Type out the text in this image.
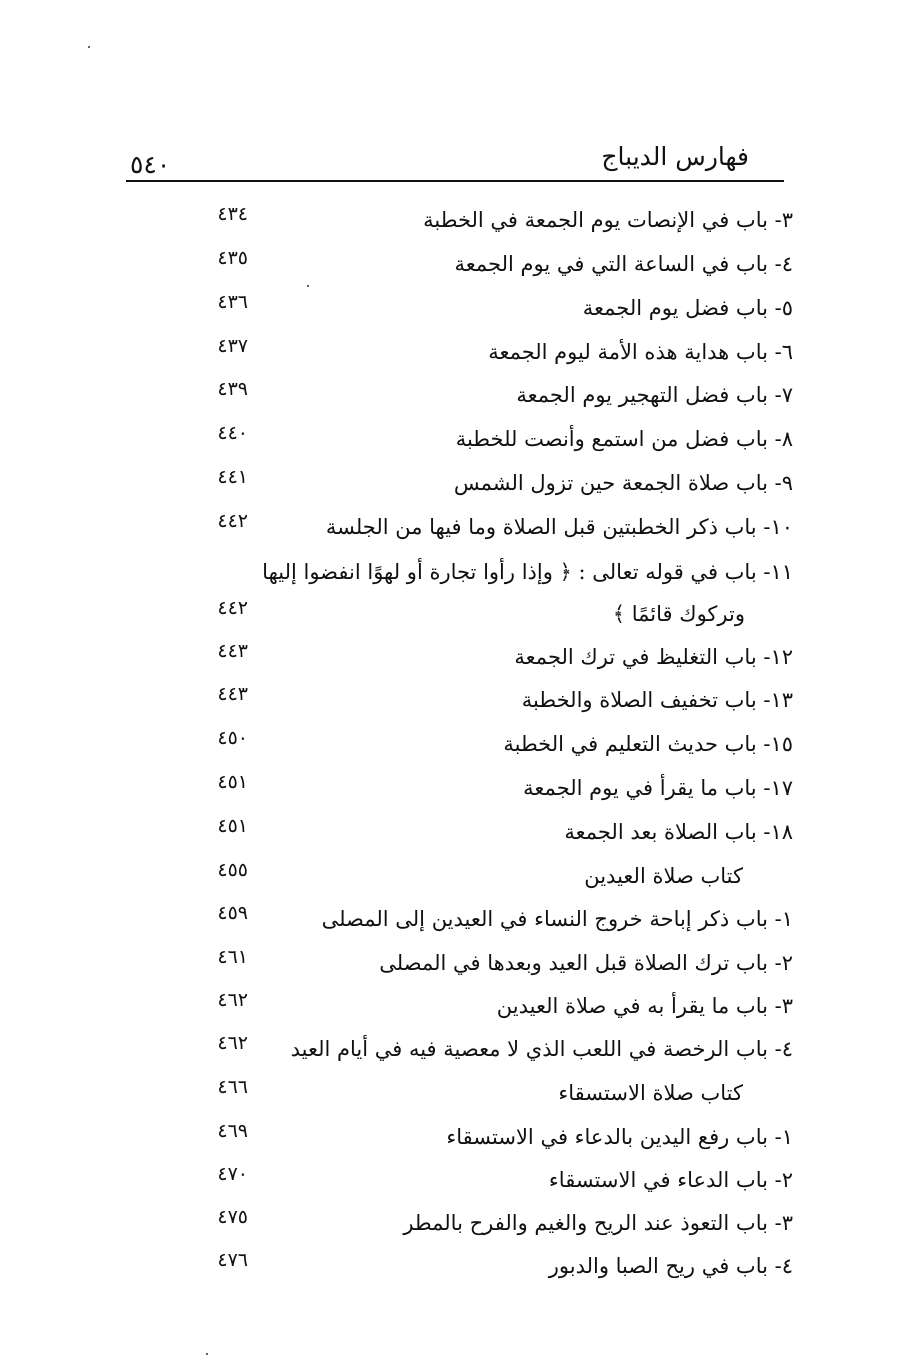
٥٤٠	فهارس الديباج
٣- باب في الإنصات يوم الجمعة في الخطبة
٤٣٤
٤- باب في الساعة التي في يوم الجمعة
٤٣٥
٥- باب فضل يوم الجمعة
٤٣٦
٦- باب هداية هذه الأمة ليوم الجمعة
٤٣٧
٧- باب فضل التهجير يوم الجمعة
٤٣٩
٨- باب فضل من استمع وأنصت للخطبة
٤٤٠
٩- باب صلاة الجمعة حين تزول الشمس
٤٤١
١٠- باب ذكر الخطبتين قبل الصلاة وما فيها من الجلسة
٤٤٢
١١- باب في قوله تعالى : ﴿ وإذا رأوا تجارة أو لهوًا انفضوا إليها
وتركوك قائمًا ﴾
٤٤٢
١٢- باب التغليظ في ترك الجمعة
٤٤٣
١٣- باب تخفيف الصلاة والخطبة
٤٤٣
١٥- باب حديث التعليم في الخطبة
٤٥٠
١٧- باب ما يقرأ في يوم الجمعة
٤٥١
١٨- باب الصلاة بعد الجمعة
٤٥١
كتاب صلاة العيدين
٤٥٥
١- باب ذكر إباحة خروج النساء في العيدين إلى المصلى
٤٥٩
٢- باب ترك الصلاة قبل العيد وبعدها في المصلى
٤٦١
٣- باب ما يقرأ به في صلاة العيدين
٤٦٢
٤- باب الرخصة في اللعب الذي لا معصية فيه في أيام العيد
٤٦٢
كتاب صلاة الاستسقاء
٤٦٦
١- باب رفع اليدين بالدعاء في الاستسقاء
٤٦٩
٢- باب الدعاء في الاستسقاء
٤٧٠
٣- باب التعوذ عند الريح والغيم والفرح بالمطر
٤٧٥
٤- باب في ريح الصبا والدبور
٤٧٦
